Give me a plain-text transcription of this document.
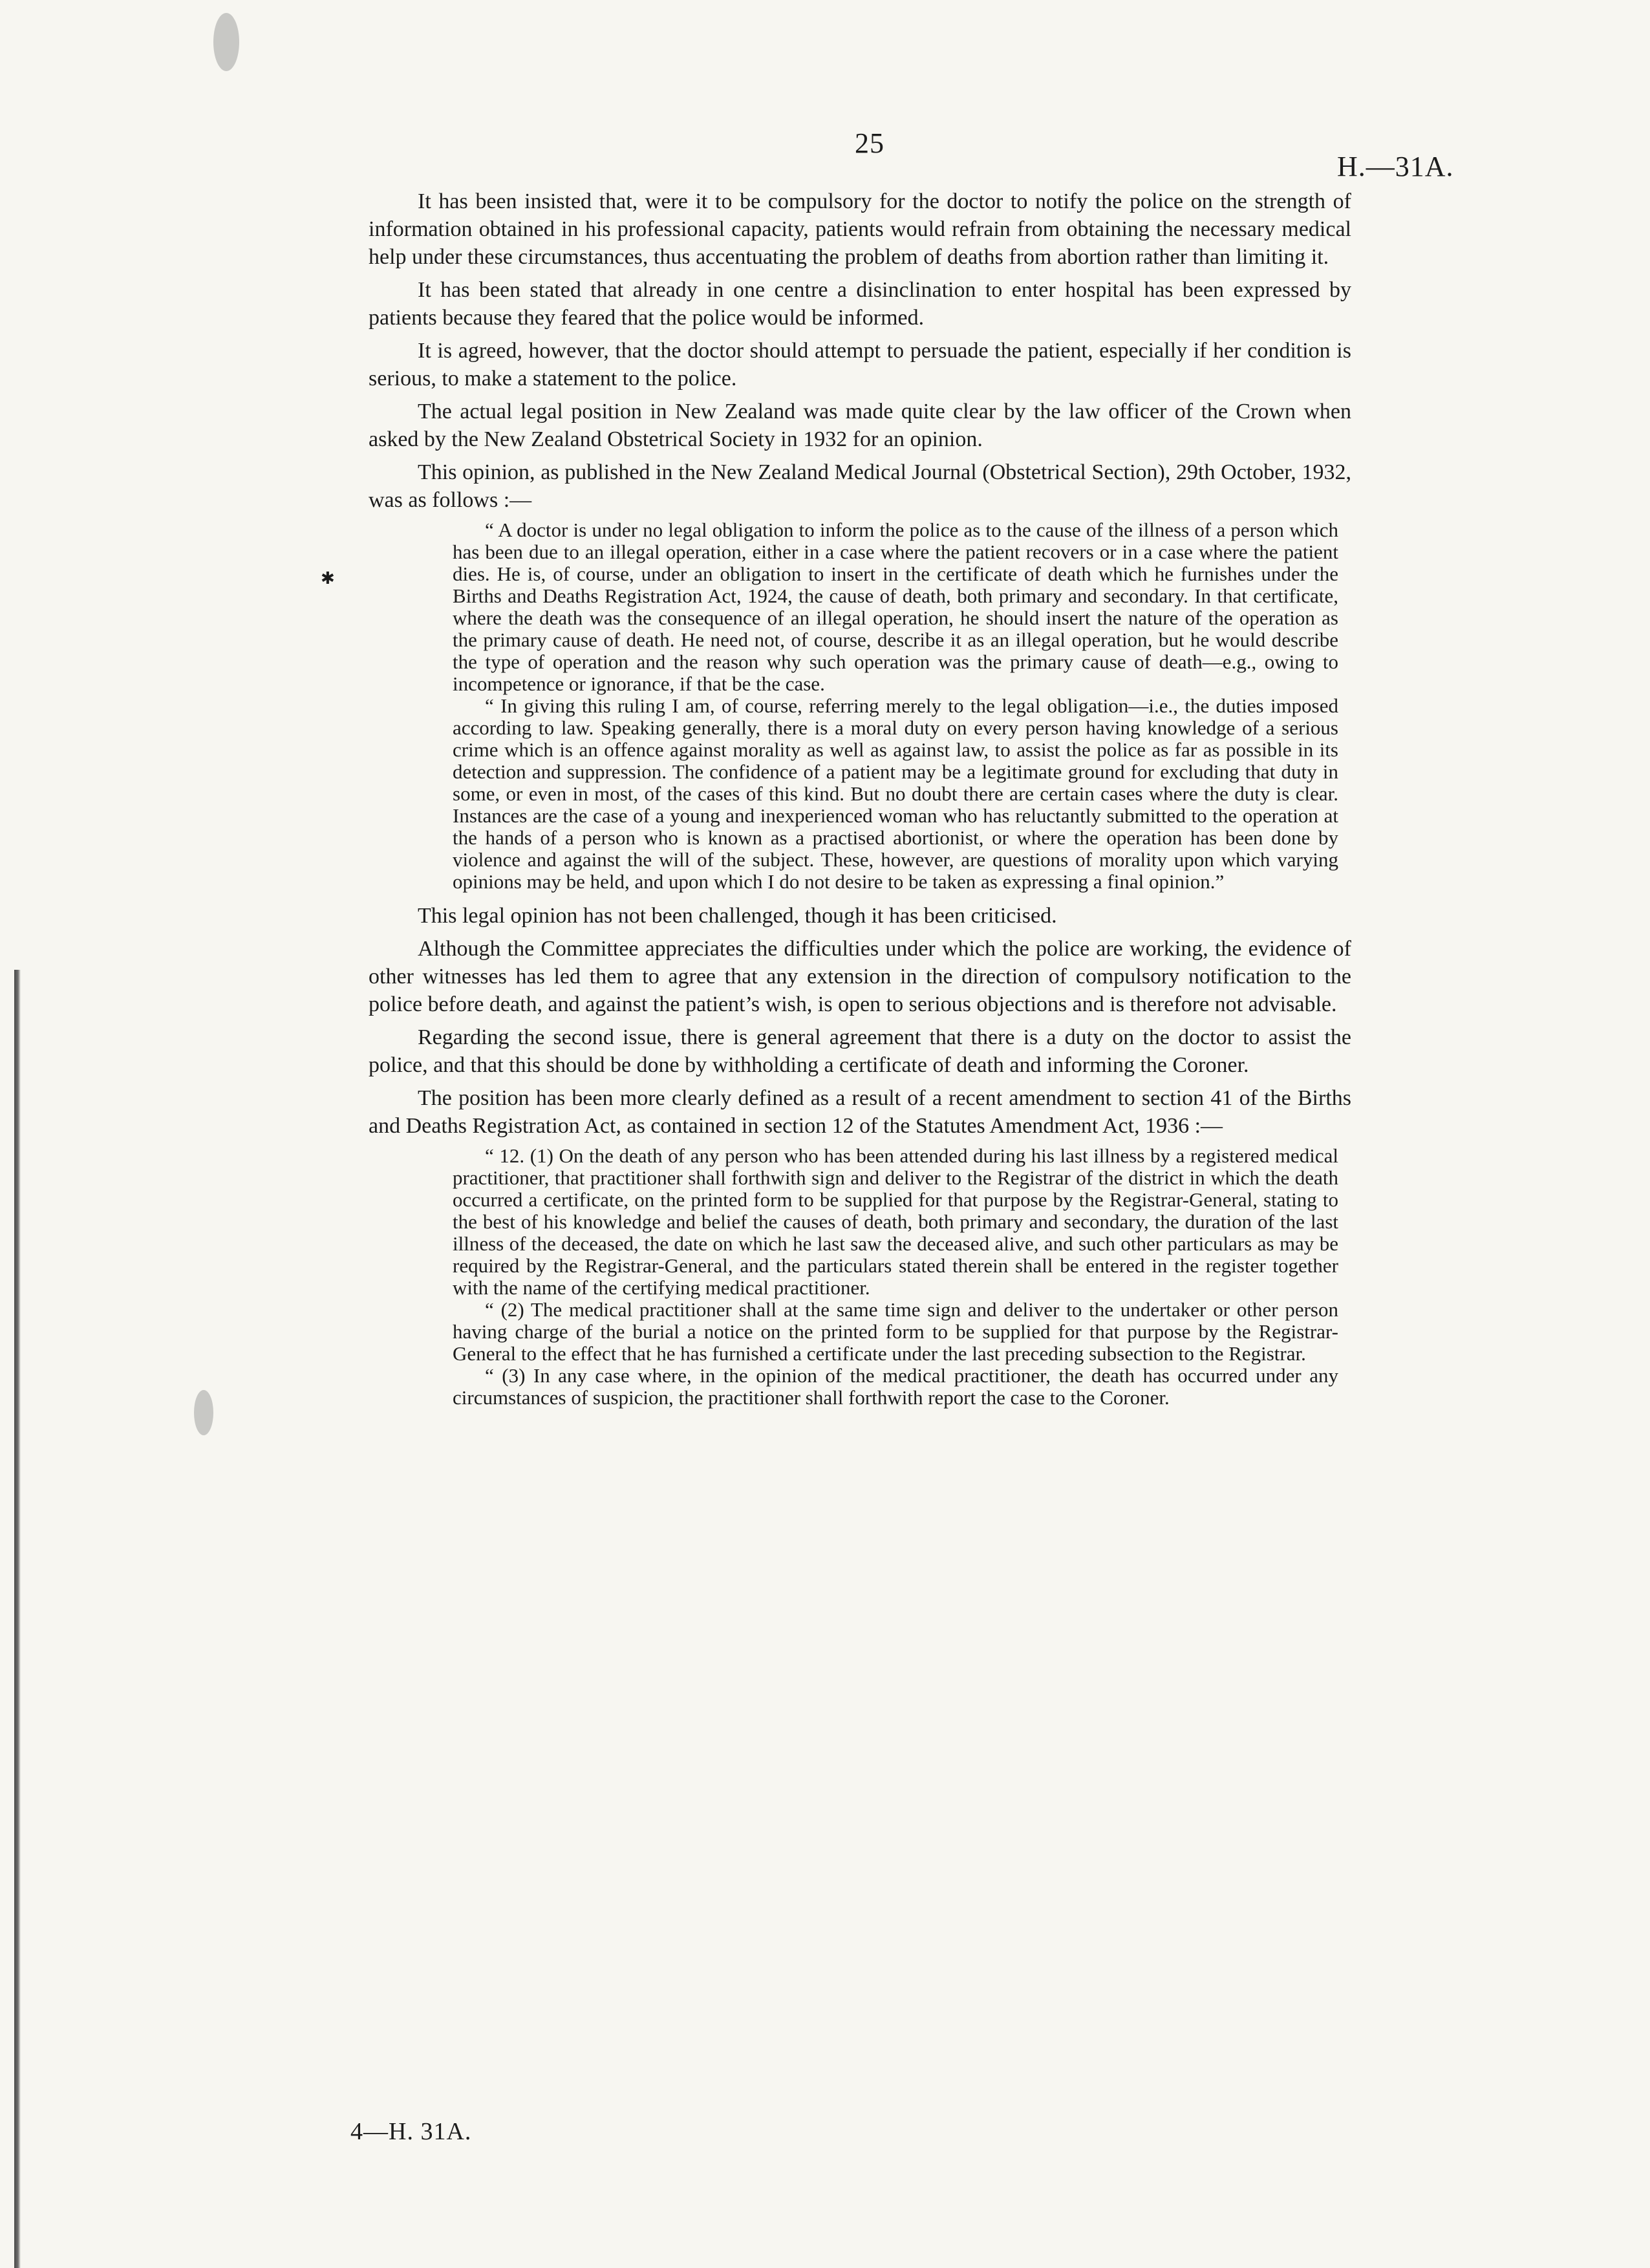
25
H.—31A.
✱

It has been insisted that, were it to be compulsory for the doctor to notify the police on the strength of information obtained in his professional capacity, patients would refrain from obtaining the necessary medical help under these circumstances, thus accentuating the problem of deaths from abortion rather than limiting it.

It has been stated that already in one centre a disinclination to enter hospital has been expressed by patients because they feared that the police would be informed.

It is agreed, however, that the doctor should attempt to persuade the patient, especially if her condition is serious, to make a statement to the police.

The actual legal position in New Zealand was made quite clear by the law officer of the Crown when asked by the New Zealand Obstetrical Society in 1932 for an opinion.

This opinion, as published in the New Zealand Medical Journal (Obstetrical Section), 29th October, 1932, was as follows :—

“ A doctor is under no legal obligation to inform the police as to the cause of the illness of a person which has been due to an illegal operation, either in a case where the patient recovers or in a case where the patient dies. He is, of course, under an obligation to insert in the certificate of death which he furnishes under the Births and Deaths Registration Act, 1924, the cause of death, both primary and secondary. In that certificate, where the death was the consequence of an illegal operation, he should insert the nature of the operation as the primary cause of death. He need not, of course, describe it as an illegal operation, but he would describe the type of operation and the reason why such operation was the primary cause of death—e.g., owing to incompetence or ignorance, if that be the case.

“ In giving this ruling I am, of course, referring merely to the legal obligation—i.e., the duties imposed according to law. Speaking generally, there is a moral duty on every person having knowledge of a serious crime which is an offence against morality as well as against law, to assist the police as far as possible in its detection and suppression. The confidence of a patient may be a legitimate ground for excluding that duty in some, or even in most, of the cases of this kind. But no doubt there are certain cases where the duty is clear. Instances are the case of a young and inexperienced woman who has reluctantly submitted to the operation at the hands of a person who is known as a practised abortionist, or where the operation has been done by violence and against the will of the subject. These, however, are questions of morality upon which varying opinions may be held, and upon which I do not desire to be taken as expressing a final opinion.”

This legal opinion has not been challenged, though it has been criticised.

Although the Committee appreciates the difficulties under which the police are working, the evidence of other witnesses has led them to agree that any extension in the direction of compulsory notification to the police before death, and against the patient’s wish, is open to serious objections and is therefore not advisable.

Regarding the second issue, there is general agreement that there is a duty on the doctor to assist the police, and that this should be done by withholding a certificate of death and informing the Coroner.

The position has been more clearly defined as a result of a recent amendment to section 41 of the Births and Deaths Registration Act, as contained in section 12 of the Statutes Amendment Act, 1936 :—

“ 12. (1) On the death of any person who has been attended during his last illness by a registered medical practitioner, that practitioner shall forthwith sign and deliver to the Registrar of the district in which the death occurred a certificate, on the printed form to be supplied for that purpose by the Registrar-General, stating to the best of his knowledge and belief the causes of death, both primary and secondary, the duration of the last illness of the deceased, the date on which he last saw the deceased alive, and such other particulars as may be required by the Registrar-General, and the particulars stated therein shall be entered in the register together with the name of the certifying medical practitioner.

“ (2) The medical practitioner shall at the same time sign and deliver to the undertaker or other person having charge of the burial a notice on the printed form to be supplied for that purpose by the Registrar-General to the effect that he has furnished a certificate under the last preceding subsection to the Registrar.

“ (3) In any case where, in the opinion of the medical practitioner, the death has occurred under any circumstances of suspicion, the practitioner shall forthwith report the case to the Coroner.

4—H. 31A.
